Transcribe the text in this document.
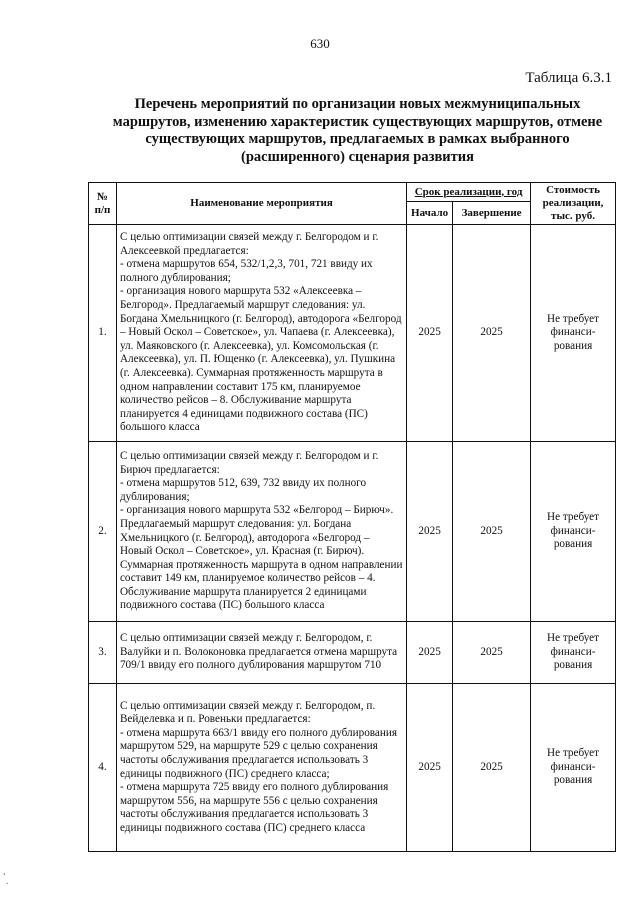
630
Таблица 6.3.1
Перечень мероприятий по организации новых межмуниципальных маршрутов, изменению характеристик существующих маршрутов, отмене существующих маршрутов, предлагаемых в рамках выбранного (расширенного) сценария развития
№ п/п	Наименование мероприятия	Срок реализации, год		Стоимость реализации, тыс. руб.
		Начало	Завершение	
1.	С целью оптимизации связей между г. Белгородом и г. Алексеевкой предлагается:
- отмена маршрутов 654, 532/1,2,3, 701, 721 ввиду их полного дублирования;
- организация нового маршрута 532 «Алексеевка – Белгород». Предлагаемый маршрут следования: ул. Богдана Хмельницкого (г. Белгород), автодорога «Белгород – Новый Оскол – Советское», ул. Чапаева (г. Алексеевка), ул. Маяковского (г. Алексеевка), ул. Комсомольская (г. Алексеевка), ул. П. Ющенко (г. Алексеевка), ул. Пушкина (г. Алексеевка). Суммарная протяженность маршрута в одном направлении составит 175 км, планируемое количество рейсов – 8. Обслуживание маршрута планируется 4 единицами подвижного состава (ПС) большого класса	2025	2025	Не требует финанси-рования
2.	С целью оптимизации связей между г. Белгородом и г. Бирюч предлагается:
- отмена маршрутов 512, 639, 732 ввиду их полного дублирования;
- организация нового маршрута 532 «Белгород – Бирюч». Предлагаемый маршрут следования: ул. Богдана Хмельницкого (г. Белгород), автодорога «Белгород – Новый Оскол – Советское», ул. Красная (г. Бирюч). Суммарная протяженность маршрута в одном направлении составит 149 км, планируемое количество рейсов – 4. Обслуживание маршрута планируется 2 единицами подвижного состава (ПС) большого класса	2025	2025	Не требует финанси-рования
3.	С целью оптимизации связей между г. Белгородом, г. Валуйки и п. Волоконовка предлагается отмена маршрута 709/1 ввиду его полного дублирования маршрутом 710	2025	2025	Не требует финанси-рования
4.	С целью оптимизации связей между г. Белгородом, п. Вейделевка и п. Ровеньки предлагается:
- отмена маршрута 663/1 ввиду его полного дублирования маршрутом 529, на маршруте 529 с целью сохранения частоты обслуживания предлагается использовать 3 единицы подвижного (ПС) среднего класса;
- отмена маршрута 725 ввиду его полного дублирования маршрутом 556, на маршруте 556 с целью сохранения частоты обслуживания предлагается использовать 3 единицы подвижного состава (ПС) среднего класса	2025	2025	Не требует финанси-рования
.
,
